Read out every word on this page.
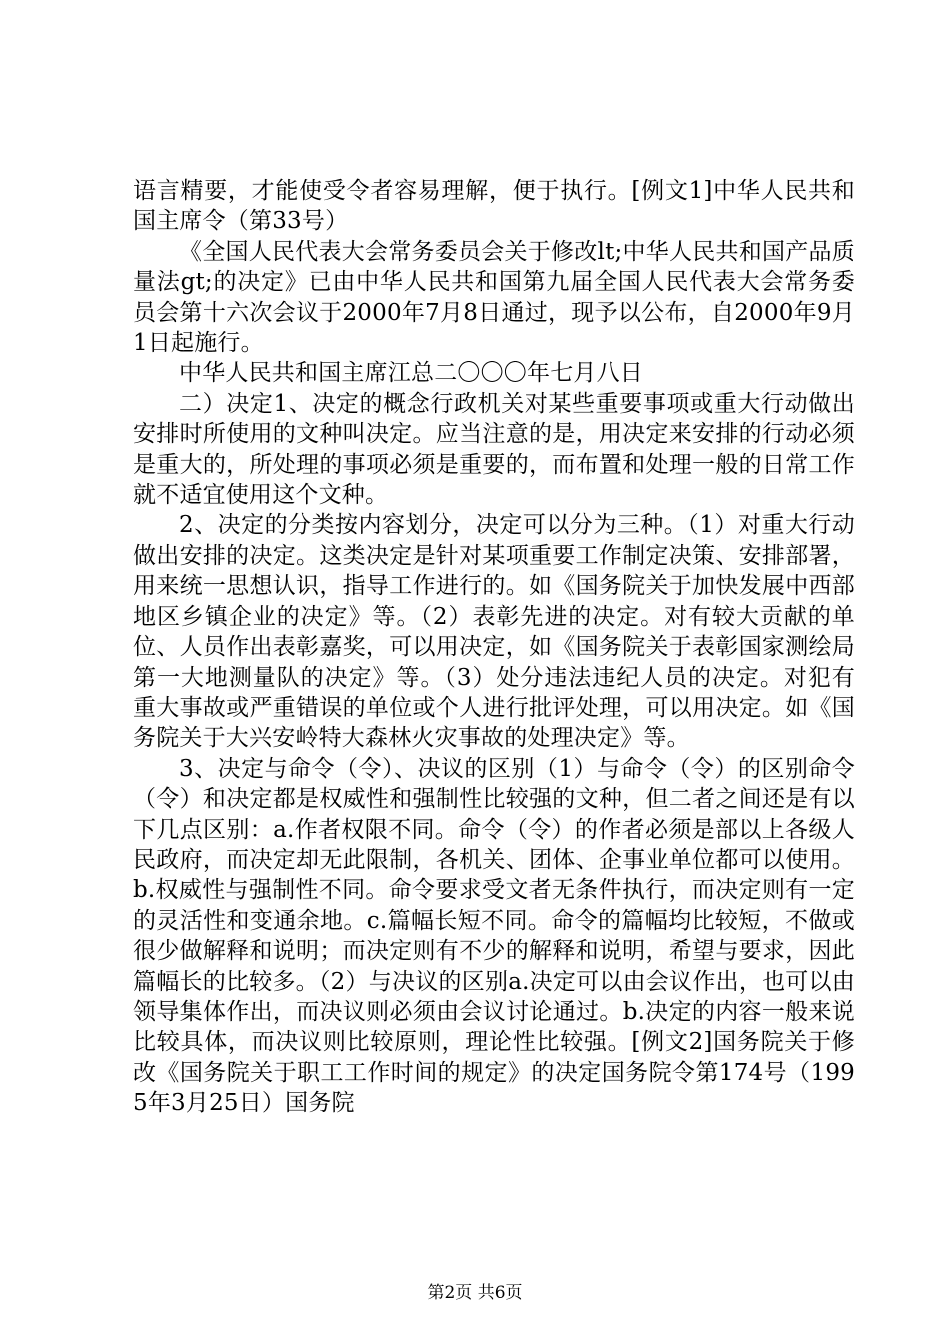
语言精要，才能使受令者容易理解，便于执行。[例文1]中华人民共和国主席令（第33号）

《全国人民代表大会常务委员会关于修改lt;中华人民共和国产品质量法gt;的决定》已由中华人民共和国第九届全国人民代表大会常务委员会第十六次会议于2000年7月8日通过，现予以公布，自2000年9月1日起施行。

中华人民共和国主席江总二〇〇〇年七月八日

二）决定1、决定的概念行政机关对某些重要事项或重大行动做出安排时所使用的文种叫决定。应当注意的是，用决定来安排的行动必须是重大的，所处理的事项必须是重要的，而布置和处理一般的日常工作就不适宜使用这个文种。

2、决定的分类按内容划分，决定可以分为三种。（1）对重大行动做出安排的决定。这类决定是针对某项重要工作制定决策、安排部署，用来统一思想认识，指导工作进行的。如《国务院关于加快发展中西部地区乡镇企业的决定》等。（2）表彰先进的决定。对有较大贡献的单位、人员作出表彰嘉奖，可以用决定，如《国务院关于表彰国家测绘局第一大地测量队的决定》等。（3）处分违法违纪人员的决定。对犯有重大事故或严重错误的单位或个人进行批评处理，可以用决定。如《国务院关于大兴安岭特大森林火灾事故的处理决定》等。

3、决定与命令（令）、决议的区别（1）与命令（令）的区别命令（令）和决定都是权威性和强制性比较强的文种，但二者之间还是有以下几点区别：a.作者权限不同。命令（令）的作者必须是部以上各级人民政府，而决定却无此限制，各机关、团体、企事业单位都可以使用。b.权威性与强制性不同。命令要求受文者无条件执行，而决定则有一定的灵活性和变通余地。c.篇幅长短不同。命令的篇幅均比较短，不做或很少做解释和说明；而决定则有不少的解释和说明，希望与要求，因此篇幅长的比较多。（2）与决议的区别a.决定可以由会议作出，也可以由领导集体作出，而决议则必须由会议讨论通过。b.决定的内容一般来说比较具体，而决议则比较原则，理论性比较强。[例文2]国务院关于修改《国务院关于职工工作时间的规定》的决定国务院令第174号（1995年3月25日）国务院

第2页 共6页
